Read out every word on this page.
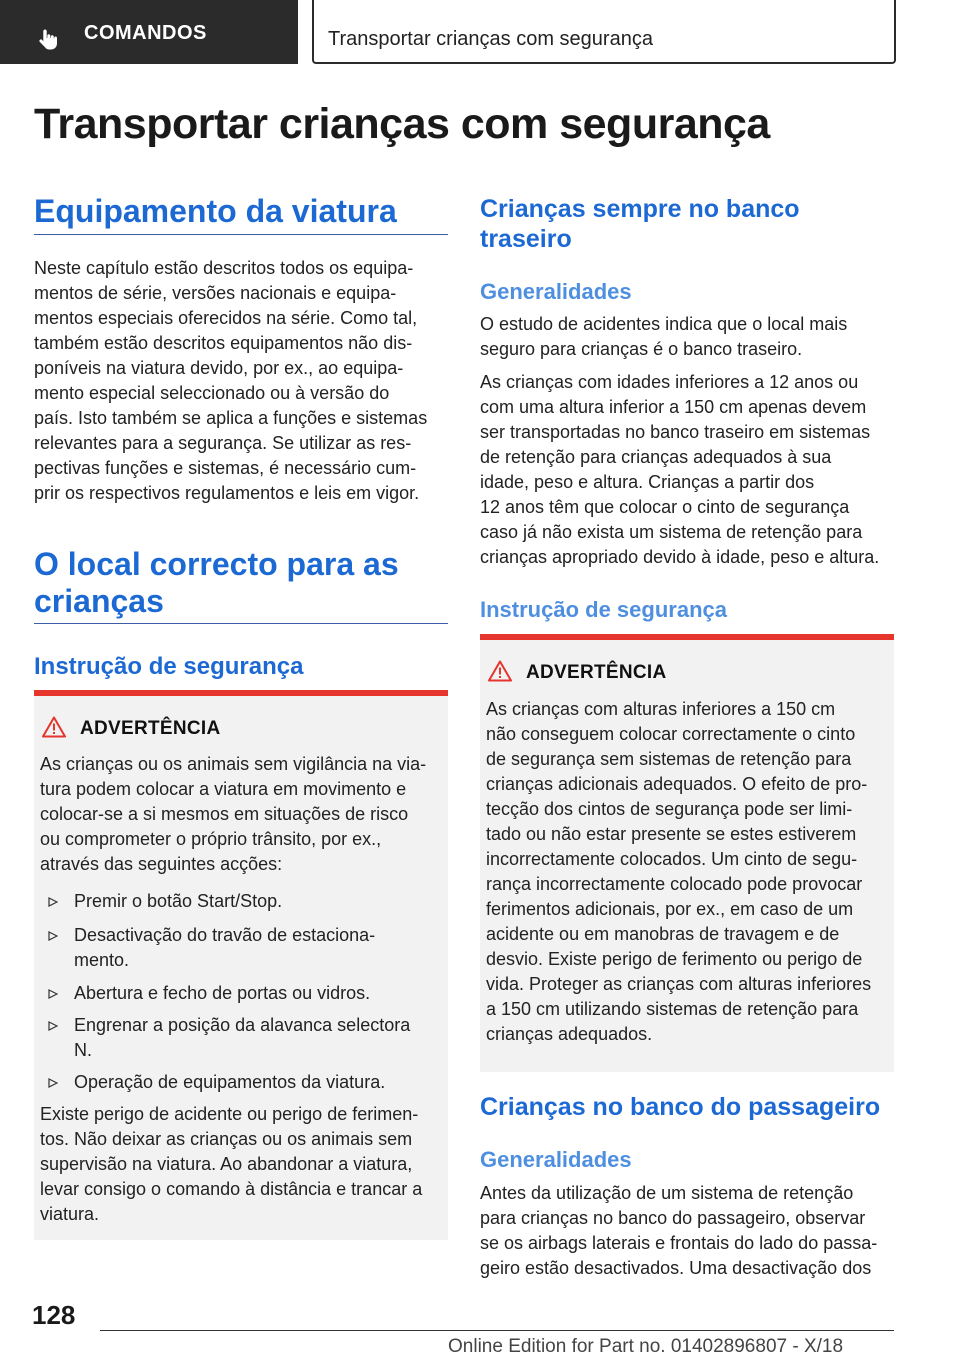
COMANDOS	Transportar crianças com segurança
Transportar crianças com segurança
Equipamento da viatura
Neste capítulo estão descritos todos os equipa-
mentos de série, versões nacionais e equipa-
mentos especiais oferecidos na série. Como tal,
também estão descritos equipamentos não dis-
poníveis na viatura devido, por ex., ao equipa-
mento especial seleccionado ou à versão do
país. Isto também se aplica a funções e sistemas
relevantes para a segurança. Se utilizar as res-
pectivas funções e sistemas, é necessário cum-
prir os respectivos regulamentos e leis em vigor.
O local correcto para as
crianças
Instrução de segurança
ADVERTÊNCIA
As crianças ou os animais sem vigilância na via-
tura podem colocar a viatura em movimento e
colocar-se a si mesmos em situações de risco
ou comprometer o próprio trânsito, por ex.,
através das seguintes acções:
Premir o botão Start/Stop.
Desactivação do travão de estaciona-
mento.
Abertura e fecho de portas ou vidros.
Engrenar a posição da alavanca selectora
N.
Operação de equipamentos da viatura.
Existe perigo de acidente ou perigo de ferimen-
tos. Não deixar as crianças ou os animais sem
supervisão na viatura. Ao abandonar a viatura,
levar consigo o comando à distância e trancar a
viatura.
Crianças sempre no banco
traseiro
Generalidades
O estudo de acidentes indica que o local mais
seguro para crianças é o banco traseiro.
As crianças com idades inferiores a 12 anos ou
com uma altura inferior a 150 cm apenas devem
ser transportadas no banco traseiro em sistemas
de retenção para crianças adequados à sua
idade, peso e altura. Crianças a partir dos
12 anos têm que colocar o cinto de segurança
caso já não exista um sistema de retenção para
crianças apropriado devido à idade, peso e altura.
Instrução de segurança
ADVERTÊNCIA
As crianças com alturas inferiores a 150 cm
não conseguem colocar correctamente o cinto
de segurança sem sistemas de retenção para
crianças adicionais adequados. O efeito de pro-
tecção dos cintos de segurança pode ser limi-
tado ou não estar presente se estes estiverem
incorrectamente colocados. Um cinto de segu-
rança incorrectamente colocado pode provocar
ferimentos adicionais, por ex., em caso de um
acidente ou em manobras de travagem e de
desvio. Existe perigo de ferimento ou perigo de
vida. Proteger as crianças com alturas inferiores
a 150 cm utilizando sistemas de retenção para
crianças adequados.
Crianças no banco do passageiro
Generalidades
Antes da utilização de um sistema de retenção
para crianças no banco do passageiro, observar
se os airbags laterais e frontais do lado do passa-
geiro estão desactivados. Uma desactivação dos
128
Online Edition for Part no. 01402896807 - X/18
